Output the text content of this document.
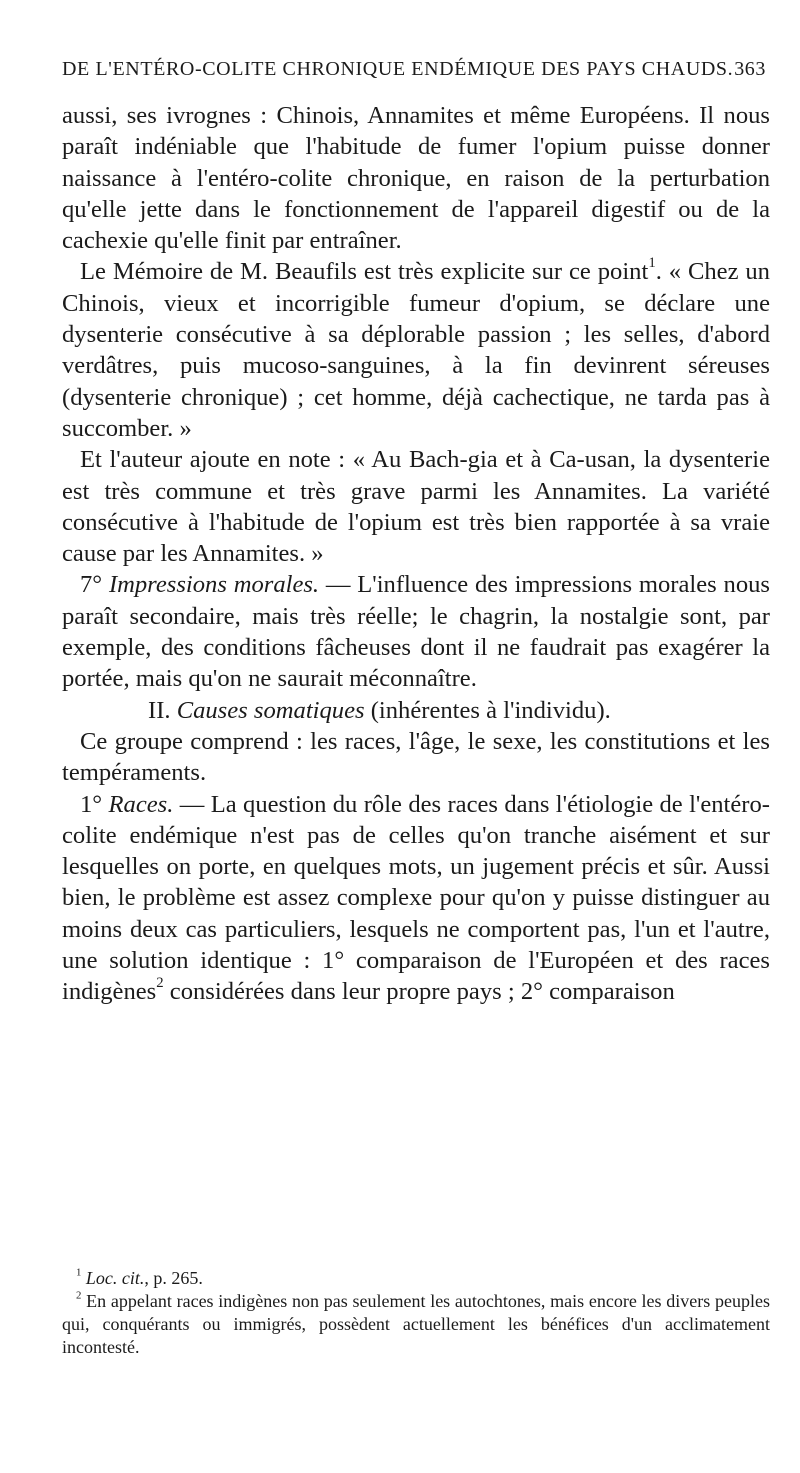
DE L'ENTÉRO-COLITE CHRONIQUE ENDÉMIQUE DES PAYS CHAUDS. 363

aussi, ses ivrognes : Chinois, Annamites et même Européens. Il nous paraît indéniable que l'habitude de fumer l'opium puisse donner naissance à l'entéro-colite chronique, en raison de la perturbation qu'elle jette dans le fonctionnement de l'appareil digestif ou de la cachexie qu'elle finit par entraîner.

Le Mémoire de M. Beaufils est très explicite sur ce point$^1$. « Chez un Chinois, vieux et incorrigible fumeur d'opium, se déclare une dysenterie consécutive à sa déplorable passion ; les selles, d'abord verdâtres, puis mucoso-sanguines, à la fin devinrent séreuses (dysenterie chronique) ; cet homme, déjà cachectique, ne tarda pas à succomber. »

Et l'auteur ajoute en note : « Au Bach-gia et à Ca-usan, la dysenterie est très commune et très grave parmi les Annamites. La variété consécutive à l'habitude de l'opium est très bien rapportée à sa vraie cause par les Annamites. »

7° Impressions morales. — L'influence des impressions morales nous paraît secondaire, mais très réelle; le chagrin, la nostalgie sont, par exemple, des conditions fâcheuses dont il ne faudrait pas exagérer la portée, mais qu'on ne saurait méconnaître.

II. Causes somatiques (inhérentes à l'individu).

Ce groupe comprend : les races, l'âge, le sexe, les constitutions et les tempéraments.

1° Races. — La question du rôle des races dans l'étiologie de l'entéro-colite endémique n'est pas de celles qu'on tranche aisément et sur lesquelles on porte, en quelques mots, un jugement précis et sûr. Aussi bien, le problème est assez complexe pour qu'on y puisse distinguer au moins deux cas particuliers, lesquels ne comportent pas, l'un et l'autre, une solution identique : 1° comparaison de l'Européen et des races indigènes$^2$ considérées dans leur propre pays ; 2° comparaison

$^1$ Loc. cit., p. 265.

$^2$ En appelant races indigènes non pas seulement les autochtones, mais encore les divers peuples qui, conquérants ou immigrés, possèdent actuellement les bénéfices d'un acclimatement incontesté.
